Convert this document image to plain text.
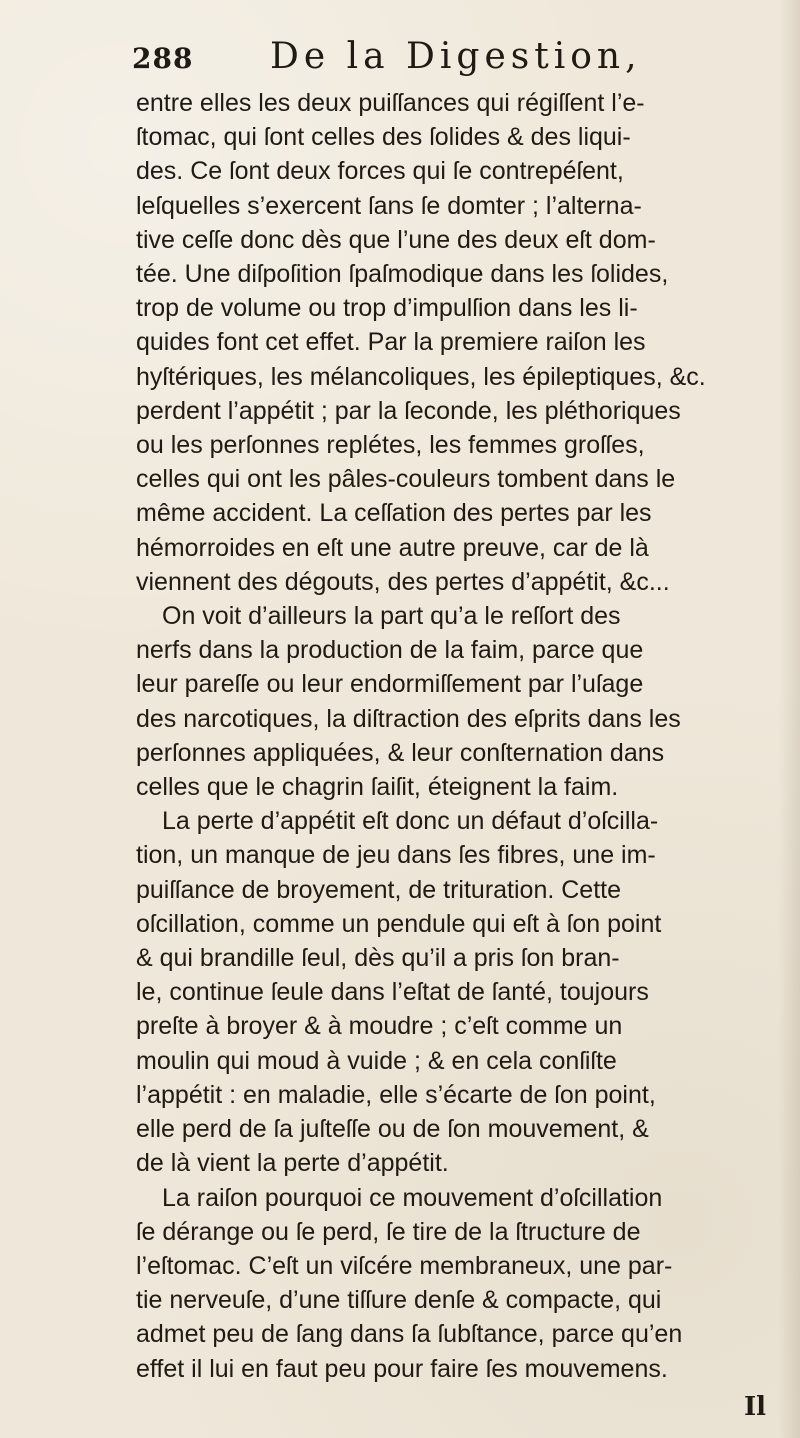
288 De la Digestion,

entre elles les deux puiſſances qui régiſſent l’e-

ſtomac, qui ſont celles des ſolides & des liqui-

des. Ce ſont deux forces qui ſe contrepéſent,

leſquelles s’exercent ſans ſe domter ; l’alterna-

tive ceſſe donc dès que l’une des deux eſt dom-

tée. Une diſpoſition ſpaſmodique dans les ſolides,

trop de volume ou trop d’impulſion dans les li-

quides font cet effet. Par la premiere raiſon les

hyſtériques, les mélancoliques, les épileptiques, &c.

perdent l’appétit ; par la ſeconde, les pléthoriques

ou les perſonnes replétes, les femmes groſſes,

celles qui ont les pâles-couleurs tombent dans le

même accident. La ceſſation des pertes par les

hémorroides en eſt une autre preuve, car de là

viennent des dégouts, des pertes d’appétit, &c...

On voit d’ailleurs la part qu’a le reſſort des

nerfs dans la production de la faim, parce que

leur pareſſe ou leur endormiſſement par l’uſage

des narcotiques, la diſtraction des eſprits dans les

perſonnes appliquées, & leur conſternation dans

celles que le chagrin ſaiſit, éteignent la faim.

La perte d’appétit eſt donc un défaut d’oſcilla-

tion, un manque de jeu dans ſes fibres, une im-

puiſſance de broyement, de trituration. Cette

oſcillation, comme un pendule qui eſt à ſon point

& qui brandille ſeul, dès qu’il a pris ſon bran-

le, continue ſeule dans l’eſtat de ſanté, toujours

preſte à broyer & à moudre ; c’eſt comme un

moulin qui moud à vuide ; & en cela conſiſte

l’appétit : en maladie, elle s’écarte de ſon point,

elle perd de ſa juſteſſe ou de ſon mouvement, &

de là vient la perte d’appétit.

La raiſon pourquoi ce mouvement d’oſcillation

ſe dérange ou ſe perd, ſe tire de la ſtructure de

l’eſtomac. C’eſt un viſcére membraneux, une par-

tie nerveuſe, d’une tiſſure denſe & compacte, qui

admet peu de ſang dans ſa ſubſtance, parce qu’en

effet il lui en faut peu pour faire ſes mouvemens.

Il
